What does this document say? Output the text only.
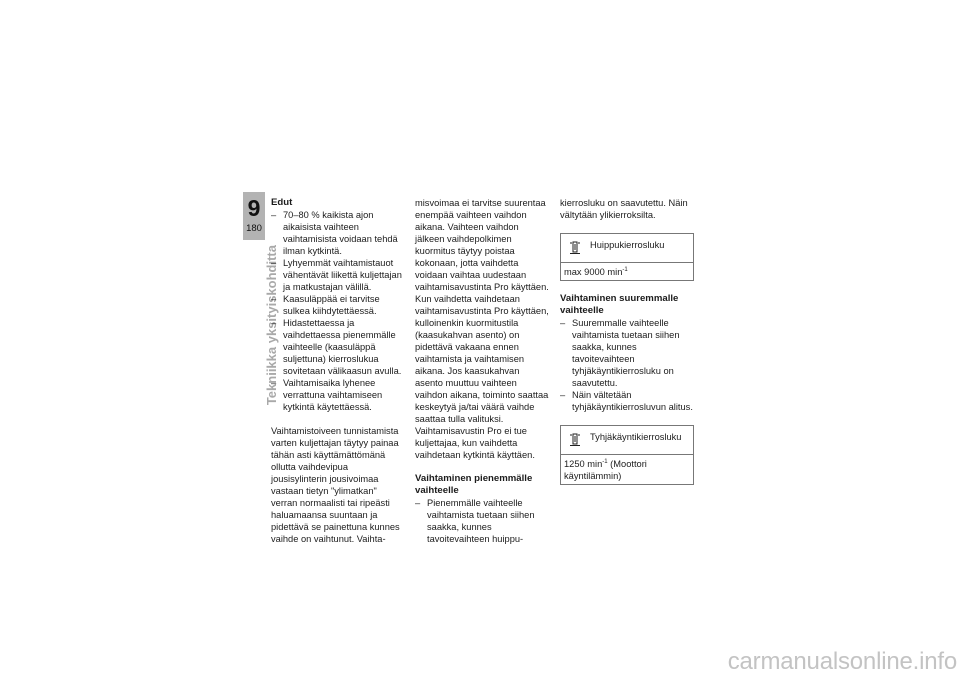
9
180
Tekniikka yksityiskohditta
Edut
– 70–80 % kaikista ajon aikaisista vaihteen vaihtamisista voidaan tehdä ilman kytkintä.
– Lyhyemmät vaihtamistauot vähentävät liikettä kuljettajan ja matkustajan välillä.
– Kaasuläppää ei tarvitse sulkea kiihdytettäessä.
– Hidastettaessa ja vaihdettaessa pienemmälle vaihteelle (kaasuläppä suljettuna) kierroslukua sovitetaan välikaasun avulla.
– Vaihtamisaika lyhenee verrattuna vaihtamiseen kytkintä käytettäessä.

Vaihtamistoiveen tunnistamista varten kuljettajan täytyy painaa tähän asti käyttämättömänä ollutta vaihdevipua jousisylinterin jousivoimaa vastaan tietyn "ylimatkan" verran normaalisti tai ripeästi haluamaansa suuntaan ja pidettävä se painettuna kunnes vaihde on vaihtunut. Vaihta-

misvoimaa ei tarvitse suurentaa enempää vaihteen vaihdon aikana. Vaihteen vaihdon jälkeen vaihdepolkimen kuormitus täytyy poistaa kokonaan, jotta vaihdetta voidaan vaihtaa uudestaan vaihtamisavustinta Pro käyttäen. Kun vaihdetta vaihdetaan vaihtamisavustinta Pro käyttäen, kulloinenkin kuormitustila (kaasukahvan asento) on pidettävä vakaana ennen vaihtamista ja vaihtamisen aikana. Jos kaasukahvan asento muuttuu vaihteen vaihdon aikana, toiminto saattaa keskeytyä ja/tai väärä vaihde saattaa tulla valituksi. Vaihtamisavustin Pro ei tue kuljettajaa, kun vaihdetta vaihdetaan kytkintä käyttäen.

Vaihtaminen pienemmälle vaihteelle
– Pienemmälle vaihteelle vaihtamista tuetaan siihen saakka, kunnes tavoitevaihteen huippu-

kierrosluku on saavutettu. Näin vältytään ylikierroksilta.

Huippukierrosluku
max 9000 $\min^{-1}$
Vaihtaminen suuremmalle vaihteelle
– Suuremmalle vaihteelle vaihtamista tuetaan siihen saakka, kunnes tavoitevaihteen tyhjäkäyntikierrosluku on saavutettu.
– Näin vältetään tyhjäkäyntikierrosluvun alitus.
Tyhjäkäyntikierrosluku
1250 $\min^{-1}$ (Moottori käyntilämmin)
carmanualsonline.info
